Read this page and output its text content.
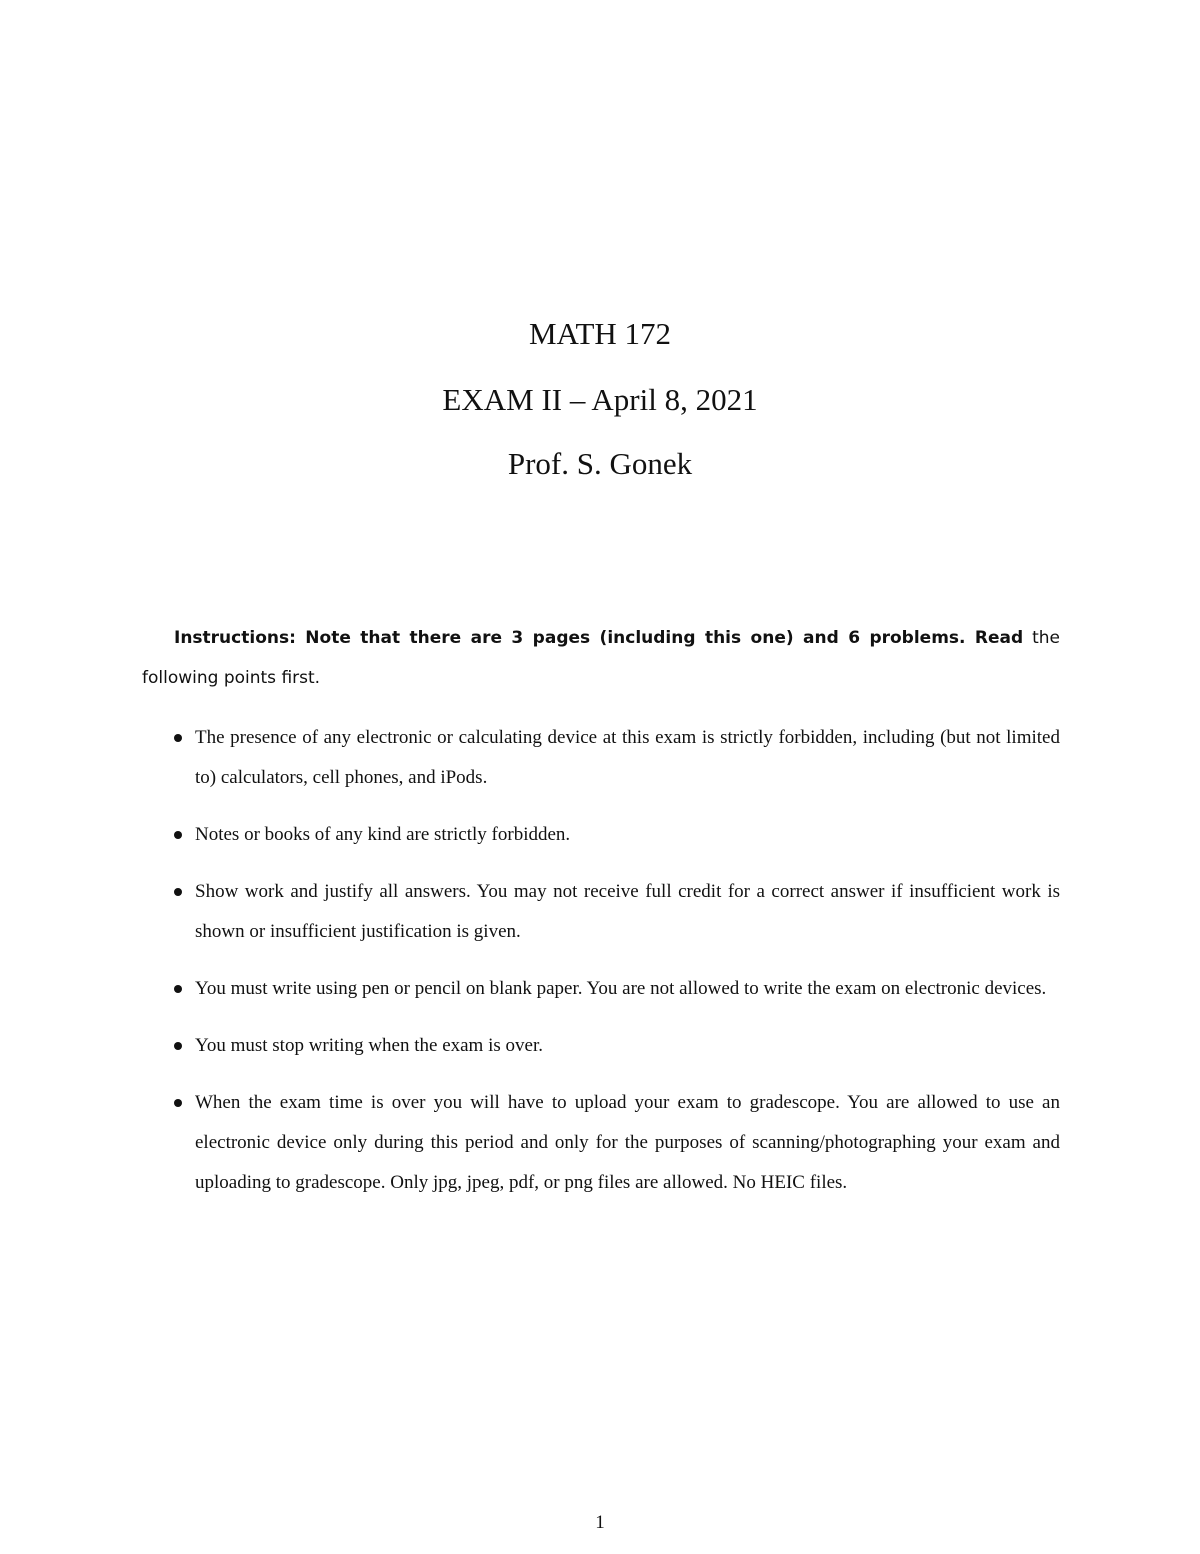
MATH 172
EXAM II – April 8, 2021
Prof. S. Gonek

Instructions: Note that there are 3 pages (including this one) and 6 problems. Read the following points first.

The presence of any electronic or calculating device at this exam is strictly forbidden, including (but not limited to) calculators, cell phones, and iPods.
Notes or books of any kind are strictly forbidden.
Show work and justify all answers. You may not receive full credit for a correct answer if insufficient work is shown or insufficient justification is given.
You must write using pen or pencil on blank paper. You are not allowed to write the exam on electronic devices.
You must stop writing when the exam is over.
When the exam time is over you will have to upload your exam to gradescope. You are allowed to use an electronic device only during this period and only for the purposes of scanning/photographing your exam and uploading to gradescope. Only jpg, jpeg, pdf, or png files are allowed. No HEIC files.
1
